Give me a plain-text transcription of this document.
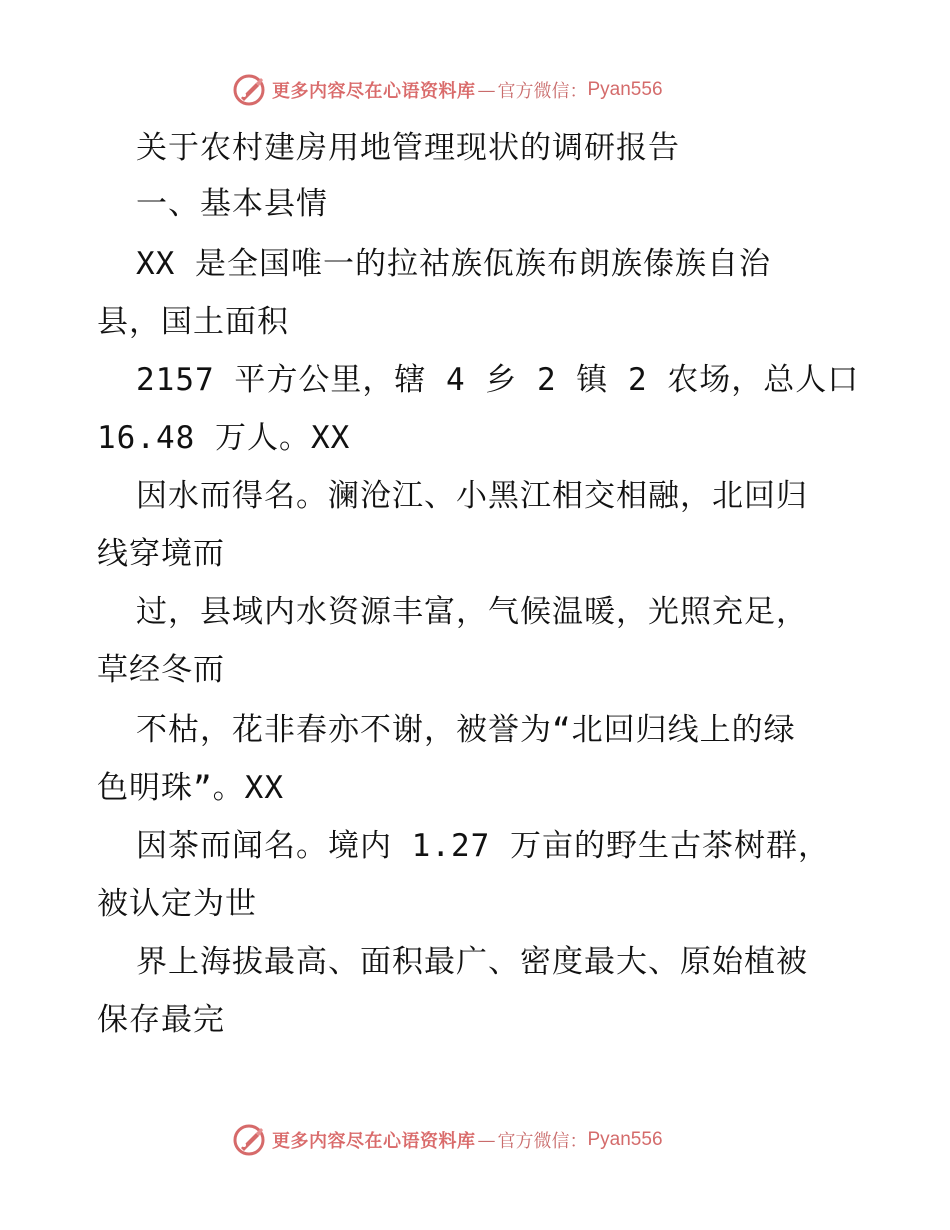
更多内容尽在心语资料库 — 官方微信： Pyan556
关于农村建房用地管理现状的调研报告
一、基本县情
XX 是全国唯一的拉祜族佤族布朗族傣族自治
县，国土面积
2157 平方公里，辖 4 乡 2 镇 2 农场，总人口
16.48 万人。XX
因水而得名。澜沧江、小黑江相交相融，北回归
线穿境而
过，县域内水资源丰富，气候温暖，光照充足，
草经冬而
不枯，花非春亦不谢，被誉为“北回归线上的绿
色明珠”。XX
因茶而闻名。境内 1.27 万亩的野生古茶树群，
被认定为世
界上海拔最高、面积最广、密度最大、原始植被
保存最完
更多内容尽在心语资料库 — 官方微信： Pyan556
